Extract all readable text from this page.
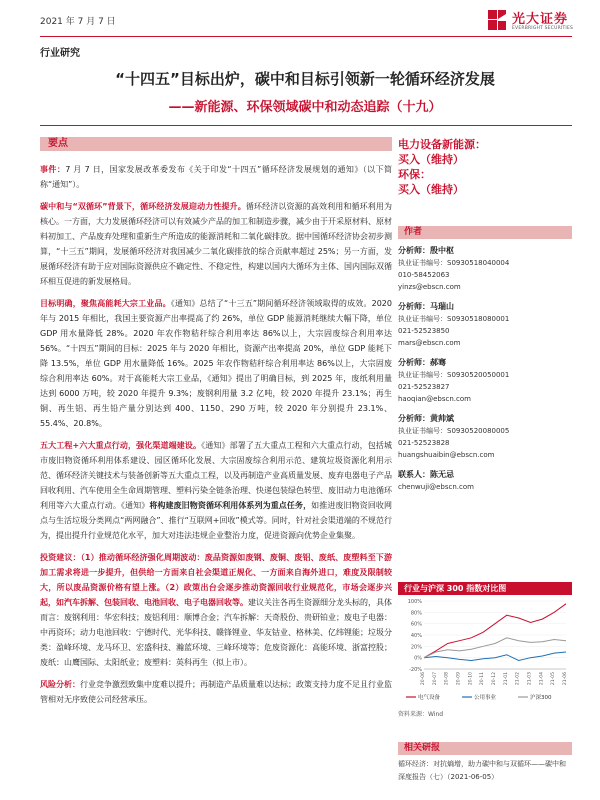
2021 年 7 月 7 日	光大证券
EVERBRIGHT SECURITIES
行业研究
“十四五”目标出炉，碳中和目标引领新一轮循环经济发展
——新能源、环保领域碳中和动态追踪（十九）
要点

事件：7 月 7 日，国家发展改革委发布《关于印发“十四五”循环经济发展规划的通知》（以下简称“通知”）。

碳中和与“双循环”背景下，循环经济发展迎动力性提升。循环经济以资源的高效利用和循环利用为核心。一方面，大力发展循环经济可以有效减少产品的加工和制造步骤，减少由于开采原材料、原材料初加工、产品废弃处理和重新生产所造成的能源消耗和二氧化碳排放。据中国循环经济协会初步测算，“十三五”期间，发展循环经济对我国减少二氧化碳排放的综合贡献率超过 25%；另一方面，发展循环经济有助于应对国际资源供应不确定性、不稳定性，构建以国内大循环为主体、国内国际双循环相互促进的新发展格局。

目标明确，聚焦高能耗大宗工业品。《通知》总结了“十三五”期间循环经济领域取得的成效。2020 年与 2015 年相比，我国主要资源产出率提高了约 26%，单位 GDP 能源消耗继续大幅下降，单位 GDP 用水量降低 28%。2020 年农作物秸秆综合利用率达 86%以上，大宗固废综合利用率达 56%。“十四五”期间的目标：2025 年与 2020 年相比，资源产出率提高 20%，单位 GDP 能耗下降 13.5%，单位 GDP 用水量降低 16%。2025 年农作物秸秆综合利用率达 86%以上，大宗固废综合利用率达 60%。对于高能耗大宗工业品，《通知》提出了明确目标，到 2025 年，废纸利用量达到 6000 万吨，较 2020 年提升 9.3%；废钢利用量 3.2 亿吨，较 2020 年提升 23.1%；再生铜、再生铝、再生铅产量分别达到 400、1150、290 万吨，较 2020 年分别提升 23.1%、55.4%、20.8%。

五大工程+六大重点行动，强化渠道端建设。《通知》部署了五大重点工程和六大重点行动，包括城市废旧物资循环利用体系建设、园区循环化发展、大宗固废综合利用示范、建筑垃圾资源化利用示范、循环经济关键技术与装备创新等五大重点工程，以及再制造产业高质量发展、废弃电器电子产品回收利用、汽车使用全生命周期管理、塑料污染全链条治理、快递包装绿色转型、废旧动力电池循环利用等六大重点行动。《通知》将构建废旧物资循环利用体系列为重点任务，如推进废旧物资回收网点与生活垃圾分类网点“两网融合”、推行“互联网+回收”模式等。同时，针对社会渠道端的不规范行为，提出提升行业规范化水平，加大对违法违规企业整治力度，促进资源向优势企业集聚。

投资建议：（1）推动循环经济强化周期波动：废品资源如废钢、废铜、废铝、废纸、废塑料至下游加工需求将进一步提升，但供给一方面来自社会渠道正规化、一方面来自海外进口，难度及限制较大，所以废品资源价格有望上涨。（2）政策出台会逐步推动资源回收行业规范化，市场会逐步兴起，如汽车拆解、包装回收、电池回收、电子电器回收等。建议关注各再生资源细分龙头标的，具体而言：废钢利用：华宏科技；废铝利用：顺博合金；汽车拆解：天奇股份、贵研铂业；废电子电器：中再资环；动力电池回收：宁德时代、光华科技、赣锋锂业、华友钴业、格林美、亿纬锂能；垃圾分类：盈峰环境、龙马环卫、宏盛科技、瀚蓝环境、三峰环境等；危废资源化：高能环境、浙富控股；废纸：山鹰国际、太阳纸业；废塑料：英科再生（拟上市）。

风险分析：行业竞争激烈致集中度难以提升；再制造产品质量难以达标；政策支持力度不足且行业监管相对无序致使公司经营承压。

电力设备新能源：
买入（维持）
环保：
买入（维持）
作者
分析师：殷中枢
执业证书编号：S0930518040004
010-58452063
yinzs@ebscn.com
分析师：马瑞山
执业证书编号：S0930518080001
021-52523850
mars@ebscn.com
分析师：郝骞
执业证书编号：S0930520050001
021-52523827
haoqian@ebscn.com
分析师：黄帅斌
执业证书编号：S0930520080005
021-52523828
huangshuaibin@ebscn.com
联系人：陈无忌
chenwuji@ebscn.com
行业与沪深 300 指数对比图
100%
80%
60%
40%
20%
0%
-20%
20-06 20-07 20-08 20-09 20-10 20-11 20-12 21-01 21-02 21-03 21-04 21-05 21-06
电气设备	公用事业	沪深300
资料来源：Wind
相关研报
循环经济：对抗熵增，助力碳中和与双循环——碳中和深度报告（七）（2021-06-05）
